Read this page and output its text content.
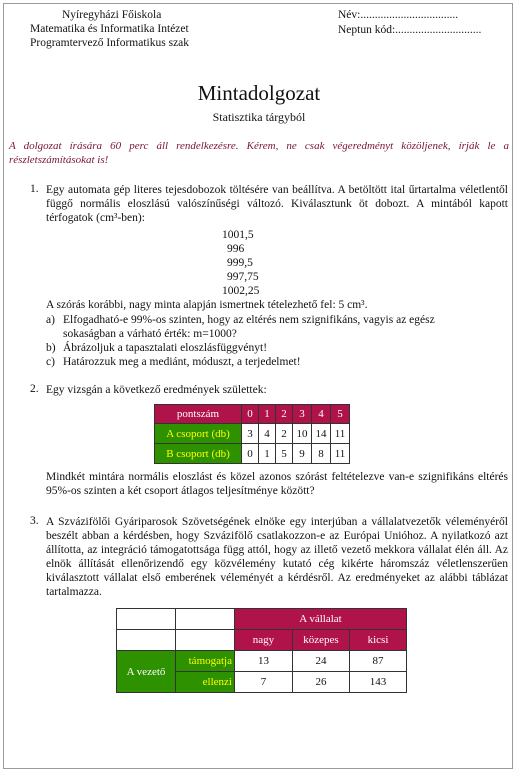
Nyíregyházi Főiskola
Matematika és Informatika Intézet
Programtervező Informatikus szak
Név:..................................
Neptun kód:..............................
Mintadolgozat
Statisztika tárgyból
A dolgozat írására 60 perc áll rendelkezésre. Kérem, ne csak végeredményt közöljenek, írják le a részletszámításokat is!
1. Egy automata gép literes tejesdobozok töltésére van beállítva. A betöltött ital űrtartalma véletlentől függő normális eloszlású valószínűségi változó. Kiválasztunk öt dobozt. A mintából kapott térfogatok (cm³-ben):
1001,5
996
999,5
997,75
1002,25
A szórás korábbi, nagy minta alapján ismertnek tételezhető fel: 5 cm³.
a) Elfogadható-e 99%-os szinten, hogy az eltérés nem szignifikáns, vagyis az egész
sokaságban a várható érték: m=1000?
b) Ábrázoljuk a tapasztalati eloszlásfüggvényt!
c) Határozzuk meg a mediánt, móduszt, a terjedelmet!
2. Egy vizsgán a következő eredmények születtek:
pontszám	0	1	2	3	4	5
A csoport (db)	3	4	2	10	14	11
B csoport (db)	0	1	5	9	8	11
Mindkét mintára normális eloszlást és közel azonos szórást feltételezve van-e szignifikáns eltérés 95%-os szinten a két csoport átlagos teljesítménye között?
3. A Szvázifölői Gyáriparosok Szövetségének elnöke egy interjúban a vállalatvezetők véleményéről beszélt abban a kérdésben, hogy Szvázifölő csatlakozzon-e az Európai Unióhoz. A nyilatkozó azt állította, az integráció támogatottsága függ attól, hogy az illető vezető mekkora vállalat élén áll. Az elnök állítását ellenőrizendő egy közvélemény kutató cég kikérte háromszáz véletlenszerűen kiválasztott vállalat első emberének véleményét a kérdésről. Az eredményeket az alábbi táblázat tartalmazza.
		A vállalat		
		nagy	közepes	kicsi
A vezető	támogatja	13	24	87
	ellenzi	7	26	143
